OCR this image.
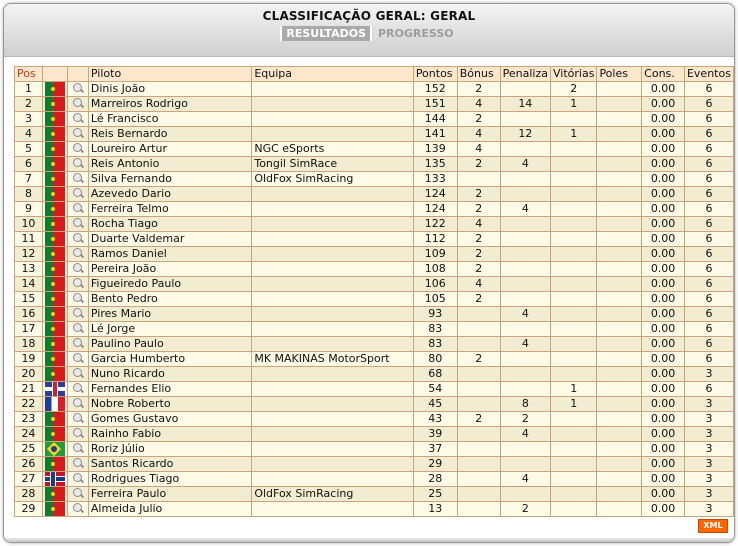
CLASSIFICAÇÃO GERAL: GERAL
RESULTADOS PROGRESSO
Pos			Piloto	Equipa	Pontos	Bónus	Penaliza	Vitórias	Poles	Cons.	Eventos
1			Dinis João		152	2		2		0.00	6
2			Marreiros Rodrigo		151	4	14	1		0.00	6
3			Lé Francisco		144	2				0.00	6
4			Reis Bernardo		141	4	12	1		0.00	6
5			Loureiro Artur	NGC eSports	139	4				0.00	6
6			Reis Antonio	Tongil SimRace	135	2	4			0.00	6
7			Silva Fernando	OldFox SimRacing	133					0.00	6
8			Azevedo Dario		124	2				0.00	6
9			Ferreira Telmo		124	2	4			0.00	6
10			Rocha Tiago		122	4				0.00	6
11			Duarte Valdemar		112	2				0.00	6
12			Ramos Daniel		109	2				0.00	6
13			Pereira João		108	2				0.00	6
14			Figueiredo Paulo		106	4				0.00	6
15			Bento Pedro		105	2				0.00	6
16			Pires Mario		93		4			0.00	6
17			Lé Jorge		83					0.00	6
18			Paulino Paulo		83		4			0.00	6
19			Garcia Humberto	MK MAKINAS MotorSport	80	2				0.00	6
20			Nuno Ricardo		68					0.00	3
21			Fernandes Elio		54			1		0.00	6
22			Nobre Roberto		45		8	1		0.00	3
23			Gomes Gustavo		43	2	2			0.00	3
24			Rainho Fabio		39		4			0.00	3
25			Roriz Júlio		37					0.00	3
26			Santos Ricardo		29					0.00	3
27			Rodrigues Tiago		28		4			0.00	3
28			Ferreira Paulo	OldFox SimRacing	25					0.00	3
29			Almeida Julio		13		2			0.00	3
XML
